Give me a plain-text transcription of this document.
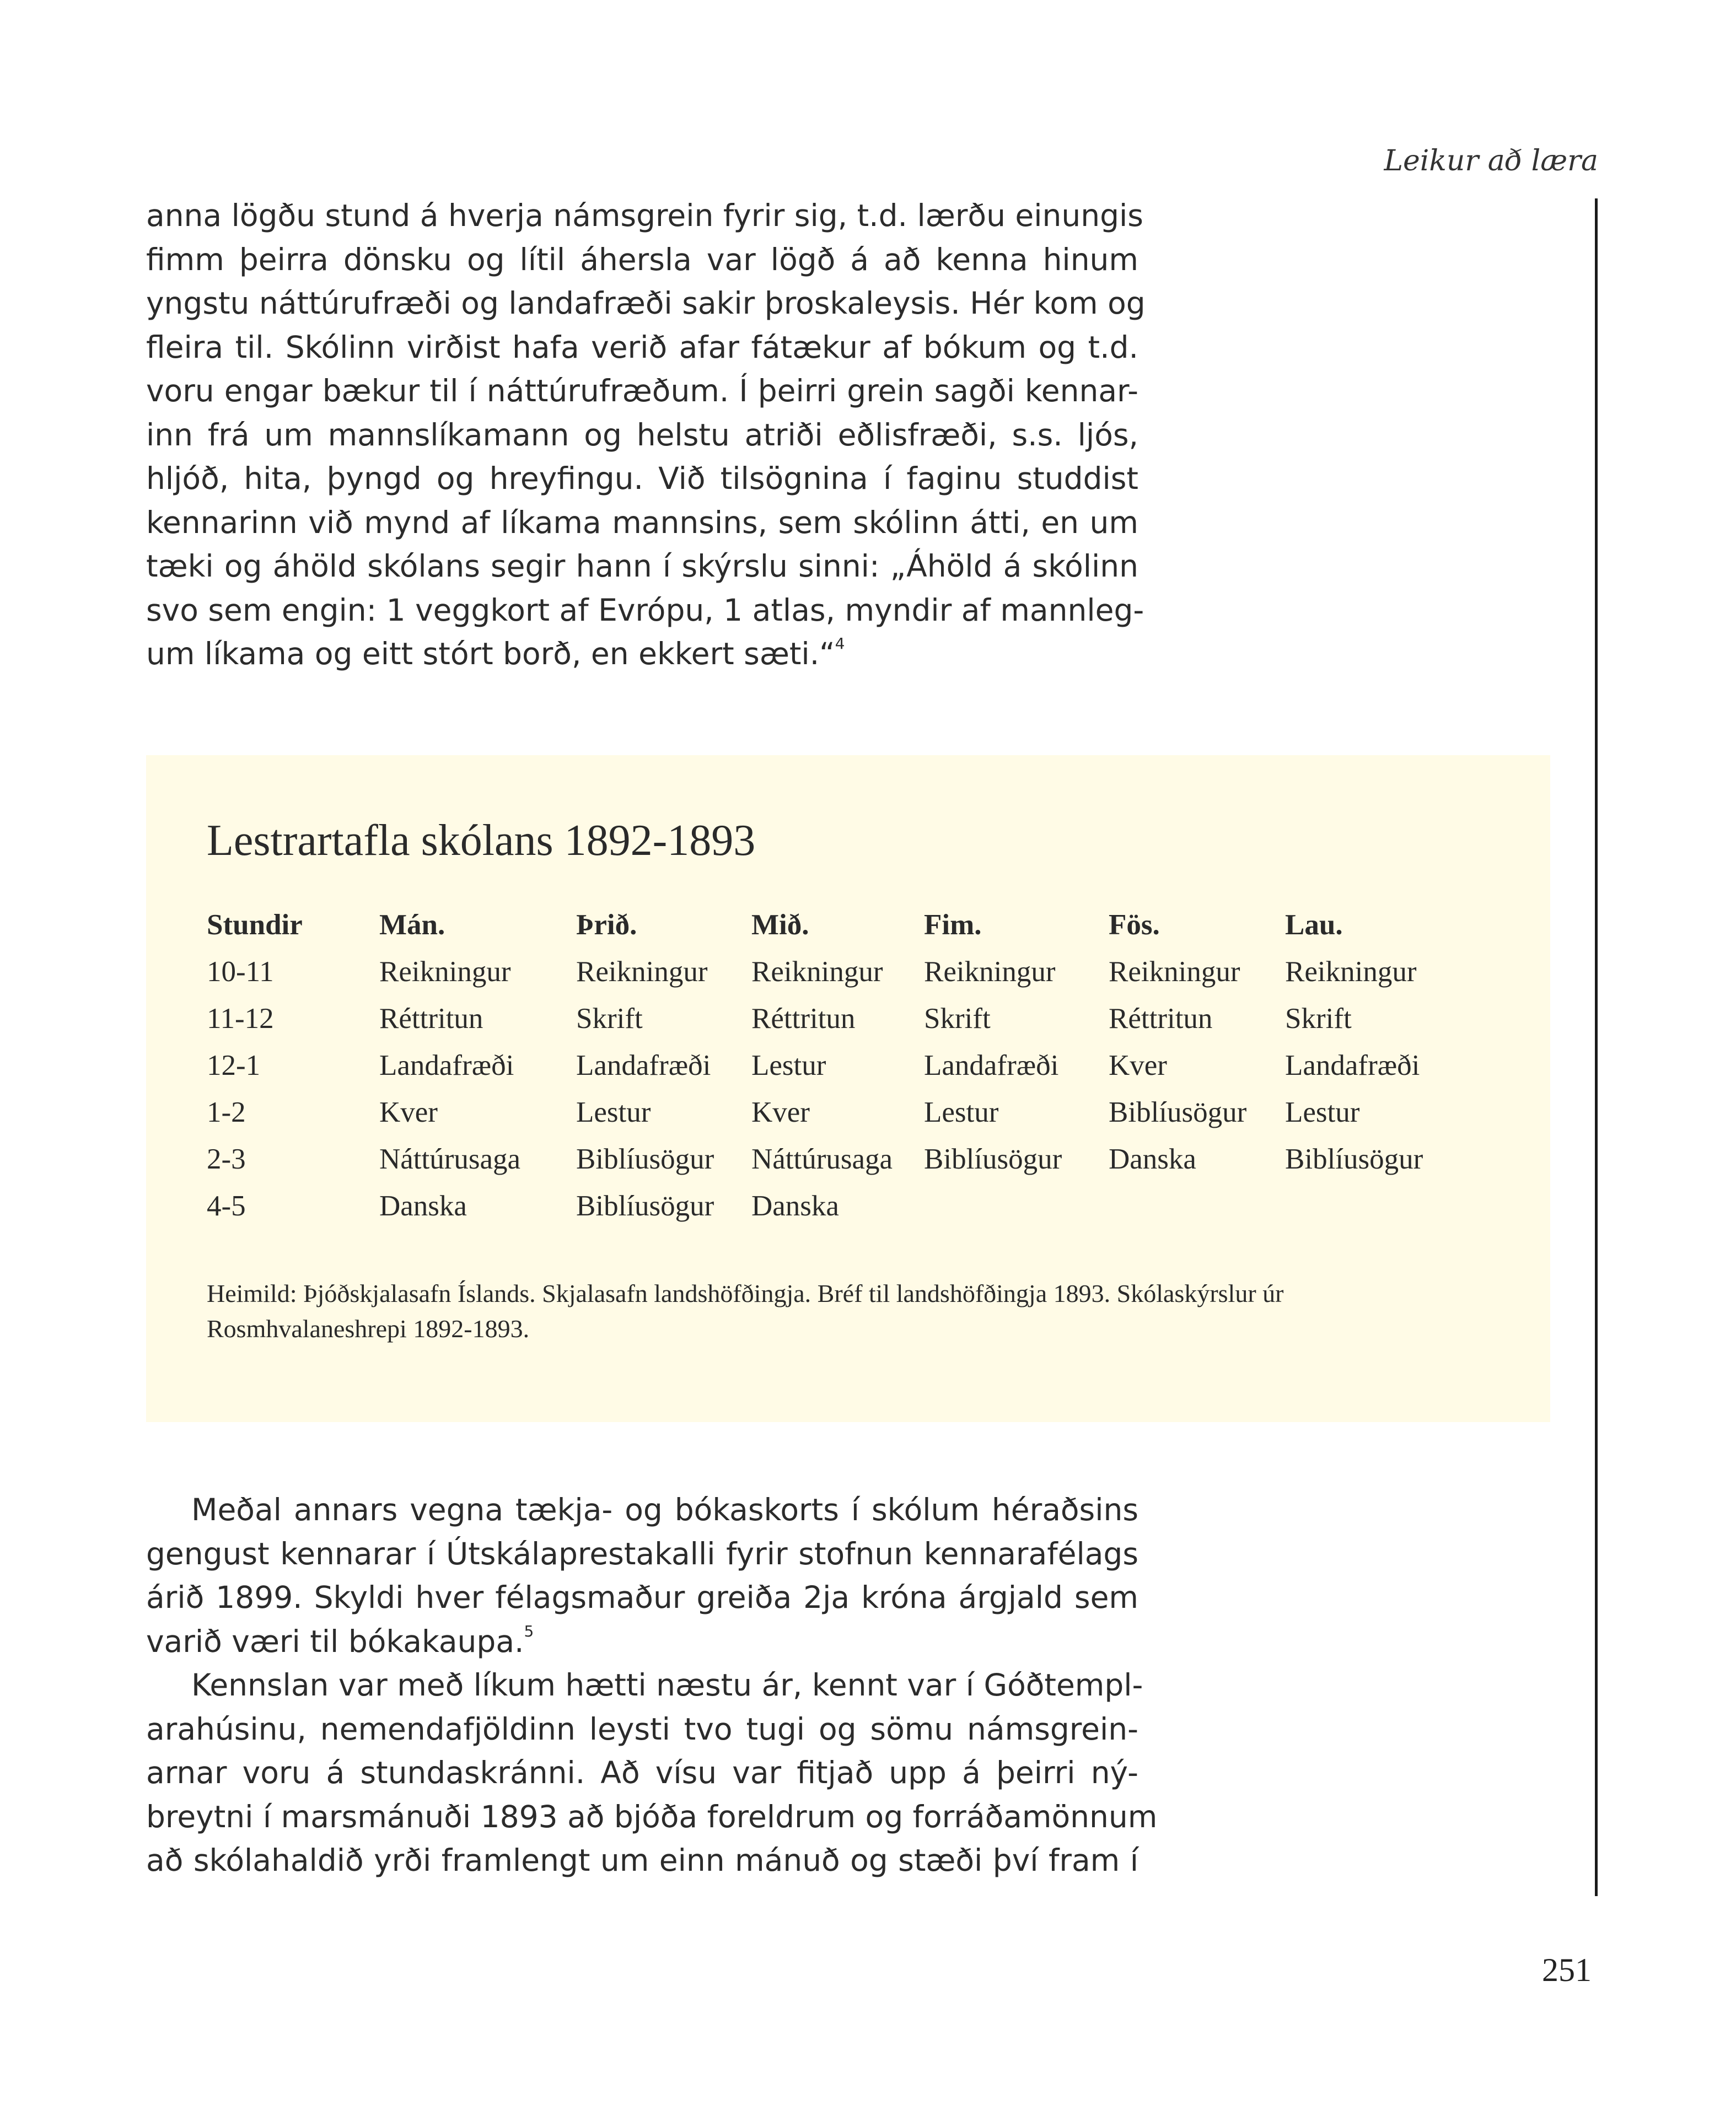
Leikur að læra
anna lögðu stund á hverja námsgrein fyrir sig, t.d. lærðu einungis
fimm þeirra dönsku og lítil áhersla var lögð á að kenna hinum
yngstu náttúrufræði og landafræði sakir þroskaleysis. Hér kom og
fleira til. Skólinn virðist hafa verið afar fátækur af bókum og t.d.
voru engar bækur til í náttúrufræðum. Í þeirri grein sagði kennar-
inn frá um mannslíkamann og helstu atriði eðlisfræði, s.s. ljós,
hljóð, hita, þyngd og hreyfingu. Við tilsögnina í faginu studdist
kennarinn við mynd af líkama mannsins, sem skólinn átti, en um
tæki og áhöld skólans segir hann í skýrslu sinni: „Áhöld á skólinn
svo sem engin: 1 veggkort af Evrópu, 1 atlas, myndir af mannleg-
um líkama og eitt stórt borð, en ekkert sæti.“$^4$
Lestrartafla skólans 1892-1893
Stundir	Mán.	Þrið.	Mið.	Fim.	Fös.	Lau.
10-11	Reikningur	Reikningur	Reikningur	Reikningur	Reikningur	Reikningur
11-12	Réttritun	Skrift	Réttritun	Skrift	Réttritun	Skrift
12-1	Landafræði	Landafræði	Lestur	Landafræði	Kver	Landafræði
1-2	Kver	Lestur	Kver	Lestur	Biblíusögur	Lestur
2-3	Náttúrusaga	Biblíusögur	Náttúrusaga	Biblíusögur	Danska	Biblíusögur
4-5	Danska	Biblíusögur	Danska			
Heimild: Þjóðskjalasafn Íslands. Skjalasafn landshöfðingja. Bréf til landshöfðingja 1893. Skólaskýrslur úr
Rosmhvalaneshrepi 1892-1893.
Meðal annars vegna tækja- og bókaskorts í skólum héraðsins
gengust kennarar í Útskálaprestakalli fyrir stofnun kennarafélags
árið 1899. Skyldi hver félagsmaður greiða 2ja króna árgjald sem
varið væri til bókakaupa.$^5$
Kennslan var með líkum hætti næstu ár, kennt var í Góðtempl-
arahúsinu, nemendafjöldinn leysti tvo tugi og sömu námsgrein-
arnar voru á stundaskránni. Að vísu var fitjað upp á þeirri ný-
breytni í marsmánuði 1893 að bjóða foreldrum og forráðamönnum
að skólahaldið yrði framlengt um einn mánuð og stæði því fram í
251
